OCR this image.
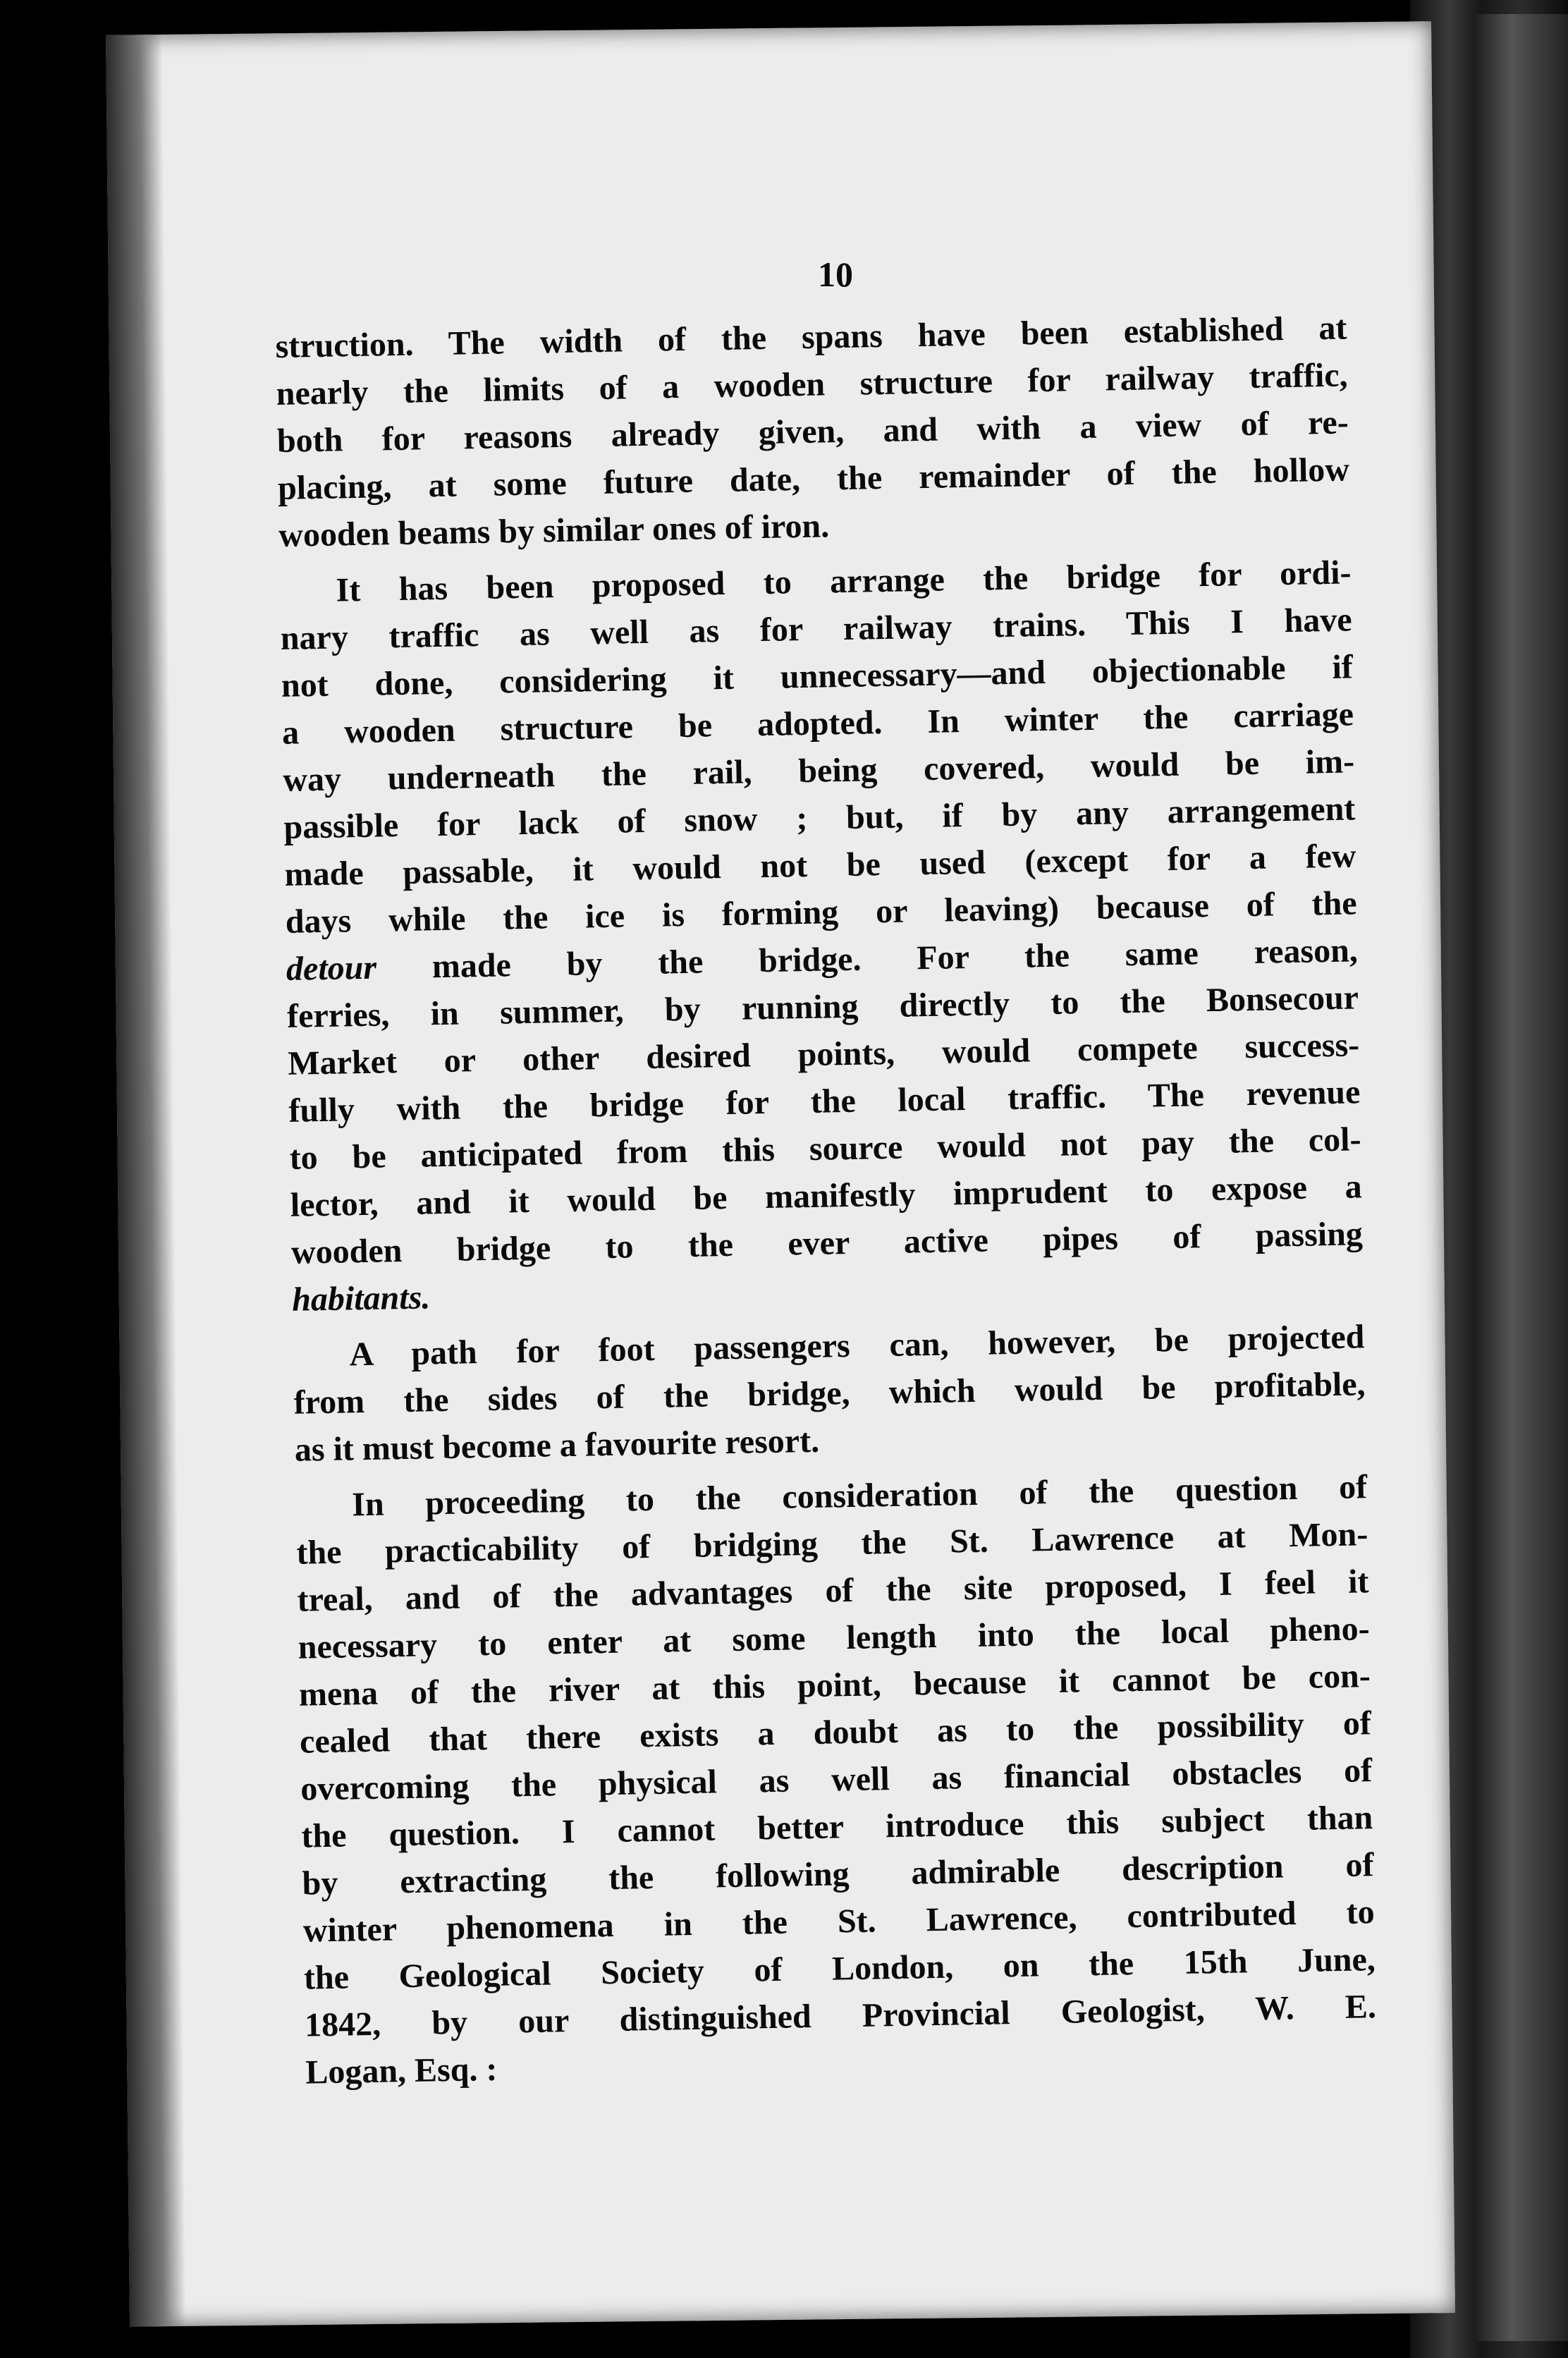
10
struction. The width of the spans have been established at
nearly the limits of a wooden structure for railway traffic,
both for reasons already given, and with a view of re-
placing, at some future date, the remainder of the hollow
wooden beams by similar ones of iron.
It has been proposed to arrange the bridge for ordi-
nary traffic as well as for railway trains. This I have
not done, considering it unnecessary—and objectionable if
a wooden structure be adopted. In winter the carriage
way underneath the rail, being covered, would be im-
passible for lack of snow ; but, if by any arrangement
made passable, it would not be used (except for a few
days while the ice is forming or leaving) because of the
detour made by the bridge. For the same reason,
ferries, in summer, by running directly to the Bonsecour
Market or other desired points, would compete success-
fully with the bridge for the local traffic. The revenue
to be anticipated from this source would not pay the col-
lector, and it would be manifestly imprudent to expose a
wooden bridge to the ever active pipes of passing
habitants.
A path for foot passengers can, however, be projected
from the sides of the bridge, which would be profitable,
as it must become a favourite resort.
In proceeding to the consideration of the question of
the practicability of bridging the St. Lawrence at Mon-
treal, and of the advantages of the site proposed, I feel it
necessary to enter at some length into the local pheno-
mena of the river at this point, because it cannot be con-
cealed that there exists a doubt as to the possibility of
overcoming the physical as well as financial obstacles of
the question. I cannot better introduce this subject than
by extracting the following admirable description of
winter phenomena in the St. Lawrence, contributed to
the Geological Society of London, on the 15th June,
1842, by our distinguished Provincial Geologist, W. E.
Logan, Esq. :
